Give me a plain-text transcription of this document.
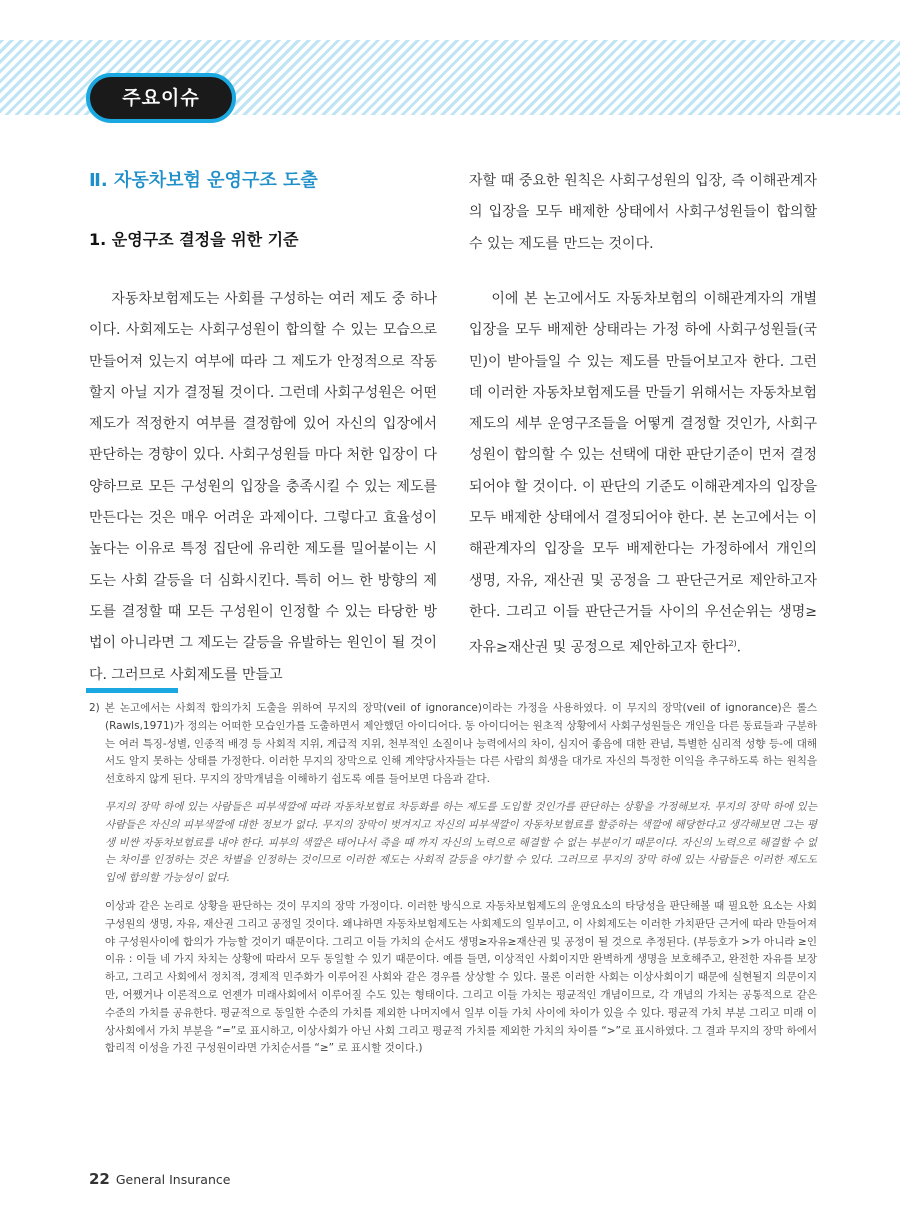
주요이슈
Ⅱ. 자동차보험 운영구조 도출
1. 운영구조 결정을 위한 기준

자동차보험제도는 사회를 구성하는 여러 제도 중 하나이다. 사회제도는 사회구성원이 합의할 수 있는 모습으로 만들어져 있는지 여부에 따라 그 제도가 안정적으로 작동할지 아닐 지가 결정될 것이다. 그런데 사회구성원은 어떤 제도가 적정한지 여부를 결정함에 있어 자신의 입장에서 판단하는 경향이 있다. 사회구성원들 마다 처한 입장이 다양하므로 모든 구성원의 입장을 충족시킬 수 있는 제도를 만든다는 것은 매우 어려운 과제이다. 그렇다고 효율성이 높다는 이유로 특정 집단에 유리한 제도를 밀어붙이는 시도는 사회 갈등을 더 심화시킨다. 특히 어느 한 방향의 제도를 결정할 때 모든 구성원이 인정할 수 있는 타당한 방법이 아니라면 그 제도는 갈등을 유발하는 원인이 될 것이다. 그러므로 사회제도를 만들고

자할 때 중요한 원칙은 사회구성원의 입장, 즉 이해관계자의 입장을 모두 배제한 상태에서 사회구성원들이 합의할 수 있는 제도를 만드는 것이다.

이에 본 논고에서도 자동차보험의 이해관계자의 개별 입장을 모두 배제한 상태라는 가정 하에 사회구성원들(국민)이 받아들일 수 있는 제도를 만들어보고자 한다. 그런데 이러한 자동차보험제도를 만들기 위해서는 자동차보험제도의 세부 운영구조들을 어떻게 결정할 것인가, 사회구성원이 합의할 수 있는 선택에 대한 판단기준이 먼저 결정되어야 할 것이다. 이 판단의 기준도 이해관계자의 입장을 모두 배제한 상태에서 결정되어야 한다. 본 논고에서는 이해관계자의 입장을 모두 배제한다는 가정하에서 개인의 생명, 자유, 재산권 및 공정을 그 판단근거로 제안하고자 한다. 그리고 이들 판단근거들 사이의 우선순위는 생명≥자유≥재산권 및 공정으로 제안하고자 한다$^{2)}$.

2) 본 논고에서는 사회적 합의가치 도출을 위하여 무지의 장막(veil of ignorance)이라는 가정을 사용하였다. 이 무지의 장막(veil of ignorance)은 롤스(Rawls,1971)가 정의는 어떠한 모습인가를 도출하면서 제안했던 아이디어다. 동 아이디어는 원초적 상황에서 사회구성원들은 개인을 다른 동료들과 구분하는 여러 특징-성별, 인종적 배경 등 사회적 지위, 계급적 지위, 천부적인 소질이나 능력에서의 차이, 심지어 좋음에 대한 관념, 특별한 심리적 성향 등-에 대해서도 알지 못하는 상태를 가정한다. 이러한 무지의 장막으로 인해 계약당사자들는 다른 사람의 희생을 대가로 자신의 특정한 이익을 추구하도록 하는 원칙을 선호하지 않게 된다. 무지의 장막개념을 이해하기 쉽도록 예를 들어보면 다음과 같다.

무지의 장막 하에 있는 사람들은 피부색깔에 따라 자동차보험료 차등화를 하는 제도를 도입할 것인가를 판단하는 상황을 가정해보자. 무지의 장막 하에 있는 사람들은 자신의 피부색깔에 대한 정보가 없다. 무지의 장막이 벗겨지고 자신의 피부색깔이 자동차보험료를 할증하는 색깔에 해당한다고 생각해보면 그는 평생 비싼 자동차보험료를 내야 한다. 피부의 색깔은 태어나서 죽을 때 까지 자신의 노력으로 해결할 수 없는 부분이기 때문이다. 자신의 노력으로 해결할 수 없는 차이를 인정하는 것은 차별을 인정하는 것이므로 이러한 제도는 사회적 갈등을 야기할 수 있다. 그러므로 무지의 장막 하에 있는 사람들은 이러한 제도도입에 합의할 가능성이 없다.

이상과 같은 논리로 상황을 판단하는 것이 무지의 장막 가정이다. 이러한 방식으로 자동차보험제도의 운영요소의 타당성을 판단해볼 때 필요한 요소는 사회구성원의 생명, 자유, 재산권 그리고 공정일 것이다. 왜냐하면 자동차보험제도는 사회제도의 일부이고, 이 사회제도는 이러한 가치판단 근거에 따라 만들어져야 구성원사이에 합의가 가능할 것이기 때문이다. 그리고 이들 가치의 순서도 생명≥자유≥재산권 및 공정이 될 것으로 추정된다. (부등호가 >가 아니라 ≥인 이유 : 이들 네 가지 차치는 상황에 따라서 모두 동일할 수 있기 때문이다. 예를 들면, 이상적인 사회이지만 완벽하게 생명을 보호해주고, 완전한 자유를 보장하고, 그리고 사회에서 정치적, 경제적 민주화가 이루어진 사회와 같은 경우를 상상할 수 있다. 물론 이러한 사회는 이상사회이기 때문에 실현될지 의문이지만, 어쨌거나 이론적으로 언젠가 미래사회에서 이루어질 수도 있는 형태이다. 그리고 이들 가치는 평균적인 개념이므로, 각 개념의 가치는 공통적으로 같은 수준의 가치를 공유한다. 평균적으로 동일한 수준의 가치를 제외한 나머지에서 일부 이들 가치 사이에 차이가 있을 수 있다. 평균적 가치 부분 그리고 미래 이상사회에서 가치 부분을 “=”로 표시하고, 이상사회가 아닌 사회 그리고 평균적 가치를 제외한 가치의 차이를 “>”로 표시하였다. 그 결과 무지의 장막 하에서 합리적 이성을 가진 구성원이라면 가치순서를 “≥” 로 표시할 것이다.)

22 General Insurance
